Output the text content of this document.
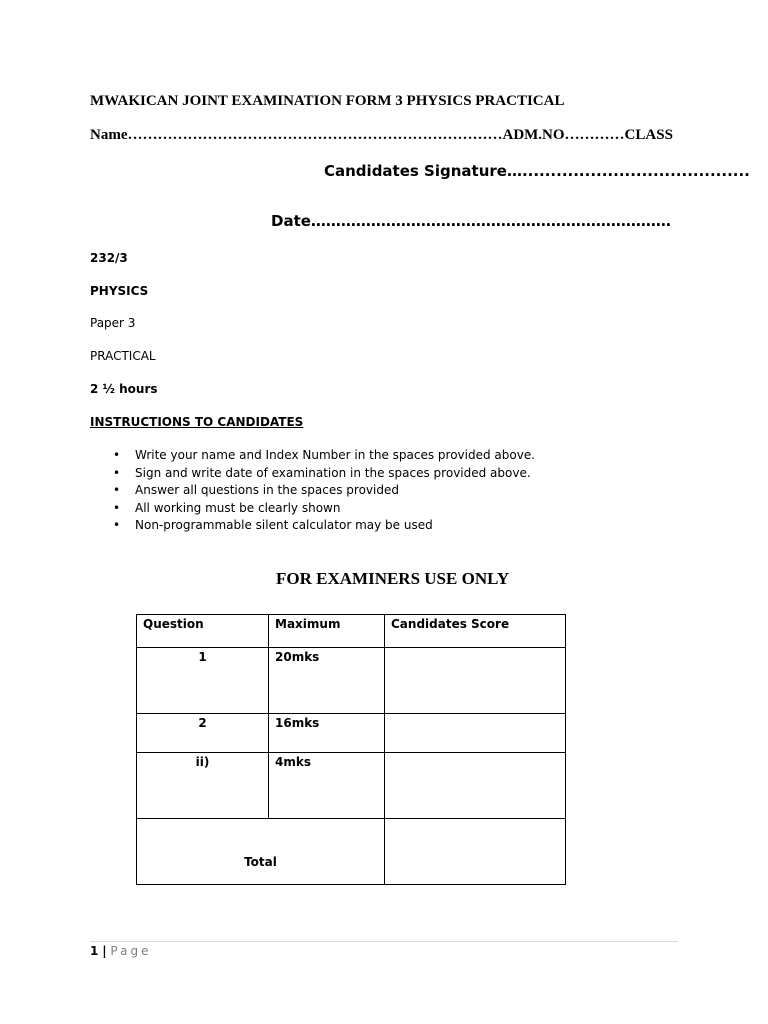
MWAKICAN JOINT EXAMINATION FORM 3 PHYSICS PRACTICAL
Name…………………………………………………………………ADM.NO…………CLASS
Candidates Signature…........................................
Date………………………………………………………………
232/3
PHYSICS
Paper 3
PRACTICAL
2 ½ hours
INSTRUCTIONS TO CANDIDATES
• Write your name and Index Number in the spaces provided above.
• Sign and write date of examination in the spaces provided above.
• Answer all questions in the spaces provided
• All working must be clearly shown
• Non-programmable silent calculator may be used
FOR EXAMINERS USE ONLY
Question	Maximum	Candidates Score
1	20mks	
2	16mks	
ii)	4mks	
Total		
1 | Page
